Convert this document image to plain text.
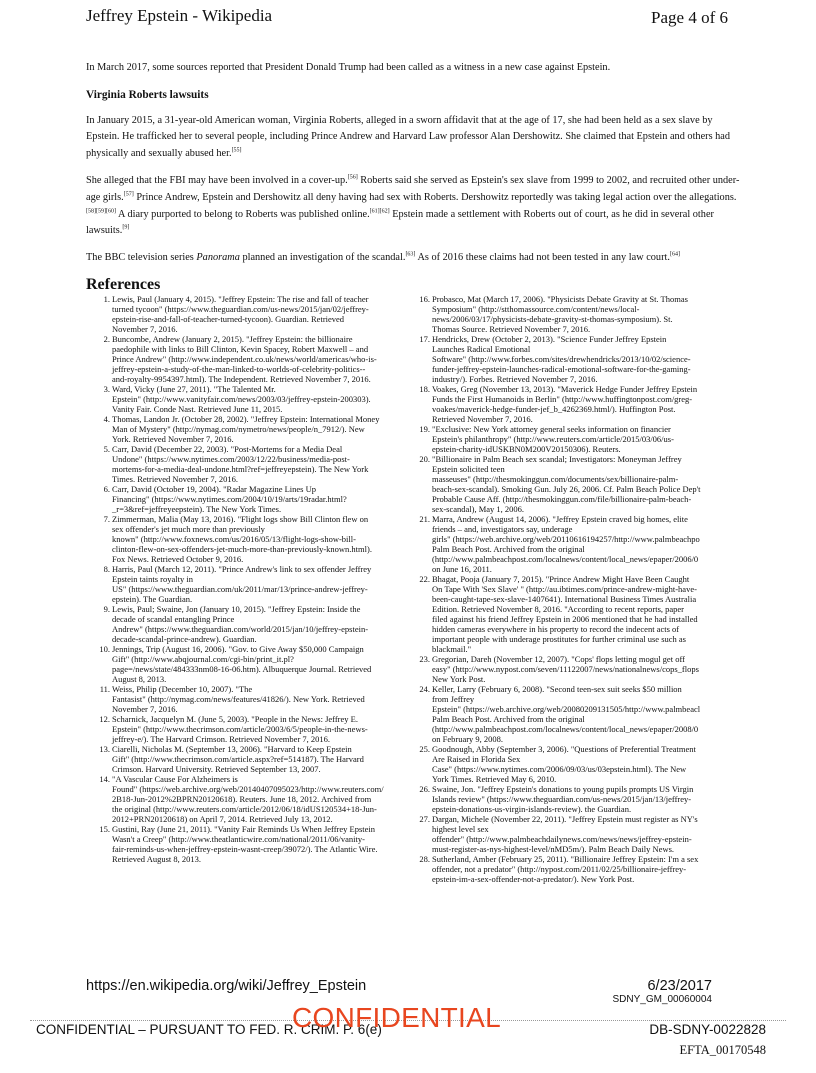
Jeffrey Epstein - Wikipedia	Page 4 of 6

In March 2017, some sources reported that President Donald Trump had been called as a witness in a new case against Epstein.

Virginia Roberts lawsuits

In January 2015, a 31-year-old American woman, Virginia Roberts, alleged in a sworn affidavit that at the age of 17, she had been held as a sex slave by Epstein. He trafficked her to several people, including Prince Andrew and Harvard Law professor Alan Dershowitz. She claimed that Epstein and others had physically and sexually abused her.[55]

She alleged that the FBI may have been involved in a cover-up.[56] Roberts said she served as Epstein's sex slave from 1999 to 2002, and recruited other under-age girls.[57] Prince Andrew, Epstein and Dershowitz all deny having had sex with Roberts. Dershowitz reportedly was taking legal action over the allegations.[58][59][60] A diary purported to belong to Roberts was published online.[61][62] Epstein made a settlement with Roberts out of court, as he did in several other lawsuits.[9]

The BBC television series Panorama planned an investigation of the scandal.[63] As of 2016 these claims had not been tested in any law court.[64]

References
1. Lewis, Paul (January 4, 2015). "Jeffrey Epstein: The rise and fall of teacher
turned tycoon" (https://www.theguardian.com/us-news/2015/jan/02/jeffrey-
epstein-rise-and-fall-of-teacher-turned-tycoon). Guardian. Retrieved
November 7, 2016.
2. Buncombe, Andrew (January 2, 2015). "Jeffrey Epstein: the billionaire
paedophile with links to Bill Clinton, Kevin Spacey, Robert Maxwell – and
Prince Andrew" (http://www.independent.co.uk/news/world/americas/who-is-
jeffrey-epstein-a-study-of-the-man-linked-to-worlds-of-celebrity-politics--
and-royalty-9954397.html). The Independent. Retrieved November 7, 2016.
3. Ward, Vicky (June 27, 2011). "The Talented Mr.
Epstein" (http://www.vanityfair.com/news/2003/03/jeffrey-epstein-200303).
Vanity Fair. Conde Nast. Retrieved June 11, 2015.
4. Thomas, Landon Jr. (October 28, 2002). "Jeffrey Epstein: International Money
Man of Mystery" (http://nymag.com/nymetro/news/people/n_7912/). New
York. Retrieved November 7, 2016.
5. Carr, David (December 22, 2003). "Post-Mortems for a Media Deal
Undone" (https://www.nytimes.com/2003/12/22/business/media-post-
mortems-for-a-media-deal-undone.html?ref=jeffreyepstein). The New York
Times. Retrieved November 7, 2016.
6. Carr, David (October 19, 2004). "Radar Magazine Lines Up
Financing" (https://www.nytimes.com/2004/10/19/arts/19radar.html?
_r=3&ref=jeffreyeepstein). The New York Times.
7. Zimmerman, Malia (May 13, 2016). "Flight logs show Bill Clinton flew on
sex offender's jet much more than previously
known" (http://www.foxnews.com/us/2016/05/13/flight-logs-show-bill-
clinton-flew-on-sex-offenders-jet-much-more-than-previously-known.html).
Fox News. Retrieved October 9, 2016.
8. Harris, Paul (March 12, 2011). "Prince Andrew's link to sex offender Jeffrey
Epstein taints royalty in
US" (https://www.theguardian.com/uk/2011/mar/13/prince-andrew-jeffrey-
epstein). The Guardian.
9. Lewis, Paul; Swaine, Jon (January 10, 2015). "Jeffrey Epstein: Inside the
decade of scandal entangling Prince
Andrew" (https://www.theguardian.com/world/2015/jan/10/jeffrey-epstein-
decade-scandal-prince-andrew). Guardian.
10. Jennings, Trip (August 16, 2006). "Gov. to Give Away $50,000 Campaign
Gift" (http://www.abqjournal.com/cgi-bin/print_it.pl?
page=/news/state/484333nm08-16-06.htm). Albuquerque Journal. Retrieved
August 8, 2013.
11. Weiss, Philip (December 10, 2007). "The
Fantasist" (http://nymag.com/news/features/41826/). New York. Retrieved
November 7, 2016.
12. Scharnick, Jacquelyn M. (June 5, 2003). "People in the News: Jeffrey E.
Epstein" (http://www.thecrimson.com/article/2003/6/5/people-in-the-news-
jeffrey-e/). The Harvard Crimson. Retrieved November 7, 2016.
13. Ciarelli, Nicholas M. (September 13, 2006). "Harvard to Keep Epstein
Gift" (http://www.thecrimson.com/article.aspx?ref=514187). The Harvard
Crimson. Harvard University. Retrieved September 13, 2007.
14. "A Vascular Cause For Alzheimers is
Found" (https://web.archive.org/web/20140407095023/http://www.reuters.com/
2B18-Jun-2012%2BPRN20120618). Reuters. June 18, 2012. Archived from
the original (http://www.reuters.com/article/2012/06/18/idUS120534+18-Jun-
2012+PRN20120618) on April 7, 2014. Retrieved July 13, 2012.
15. Gustini, Ray (June 21, 2011). "Vanity Fair Reminds Us When Jeffrey Epstein
Wasn't a Creep" (http://www.theatlanticwire.com/national/2011/06/vanity-
fair-reminds-us-when-jeffrey-epstein-wasnt-creep/39072/). The Atlantic Wire.
Retrieved August 8, 2013.
16. Probasco, Mat (March 17, 2006). "Physicists Debate Gravity at St. Thomas
Symposium" (http://stthomassource.com/content/news/local-
news/2006/03/17/physicists-debate-gravity-st-thomas-symposium). St.
Thomas Source. Retrieved November 7, 2016.
17. Hendricks, Drew (October 2, 2013). "Science Funder Jeffrey Epstein
Launches Radical Emotional
Software" (http://www.forbes.com/sites/drewhendricks/2013/10/02/science-
funder-jeffrey-epstein-launches-radical-emotional-software-for-the-gaming-
industry/). Forbes. Retrieved November 7, 2016.
18. Voakes, Greg (November 13, 2013). "Maverick Hedge Funder Jeffrey Epstein
Funds the First Humanoids in Berlin" (http://www.huffingtonpost.com/greg-
voakes/maverick-hedge-funder-jef_b_4262369.html/). Huffington Post.
Retrieved November 7, 2016.
19. "Exclusive: New York attorney general seeks information on financier
Epstein's philanthropy" (http://www.reuters.com/article/2015/03/06/us-
epstein-charity-idUSKBN0M200V20150306). Reuters.
20. "Billionaire in Palm Beach sex scandal; Investigators: Moneyman Jeffrey
Epstein solicited teen
masseuses" (http://thesmokinggun.com/documents/sex/billionaire-palm-
beach-sex-scandal). Smoking Gun. July 26, 2006. Cf. Palm Beach Police Dep't
Probable Cause Aff. (http://thesmokinggun.com/file/billionaire-palm-beach-
sex-scandal), May 1, 2006.
21. Marra, Andrew (August 14, 2006). "Jeffrey Epstein craved big homes, elite
friends – and, investigators say, underage
girls" (https://web.archive.org/web/20110616194257/http://www.palmbeachpo
Palm Beach Post. Archived from the original
(http://www.palmbeachpost.com/localnews/content/local_news/epaper/2006/0
on June 16, 2011.
22. Bhagat, Pooja (January 7, 2015). "Prince Andrew Might Have Been Caught
On Tape With 'Sex Slave' " (http://au.ibtimes.com/prince-andrew-might-have-
been-caught-tape-sex-slave-1407641). International Business Times Australia
Edition. Retrieved November 8, 2016. "According to recent reports, paper
filed against his friend Jeffrey Epstein in 2006 mentioned that he had installed
hidden cameras everywhere in his property to record the indecent acts of
important people with underage prostitutes for further criminal use such as
blackmail."
23. Gregorian, Dareh (November 12, 2007). "Cops' flops letting mogul get off
easy" (http://www.nypost.com/seven/11122007/news/nationalnews/cops_flops
New York Post.
24. Keller, Larry (February 6, 2008). "Second teen-sex suit seeks $50 million
from Jeffrey
Epstein" (https://web.archive.org/web/20080209131505/http://www.palmbeacl
Palm Beach Post. Archived from the original
(http://www.palmbeachpost.com/localnews/content/local_news/epaper/2008/0
on February 9, 2008.
25. Goodnough, Abby (September 3, 2006). "Questions of Preferential Treatment
Are Raised in Florida Sex
Case" (https://www.nytimes.com/2006/09/03/us/03epstein.html). The New
York Times. Retrieved May 6, 2010.
26. Swaine, Jon. "Jeffrey Epstein's donations to young pupils prompts US Virgin
Islands review" (https://www.theguardian.com/us-news/2015/jan/13/jeffrey-
epstein-donations-us-virgin-islands-review). the Guardian.
27. Dargan, Michele (November 22, 2011). "Jeffrey Epstein must register as NY's
highest level sex
offender" (http://www.palmbeachdailynews.com/news/news/jeffrey-epstein-
must-register-as-nys-highest-level/nMD5m/). Palm Beach Daily News.
28. Sutherland, Amber (February 25, 2011). "Billionaire Jeffrey Epstein: I'm a sex
offender, not a predator" (http://nypost.com/2011/02/25/billionaire-jeffrey-
epstein-im-a-sex-offender-not-a-predator/). New York Post.
https://en.wikipedia.org/wiki/Jeffrey_Epstein	6/23/2017
SDNY_GM_00060004
CONFIDENTIAL – PURSUANT TO FED. R. CRIM. P. 6(e)
CONFIDENTIAL	DB-SDNY-0022828
EFTA_00170548
